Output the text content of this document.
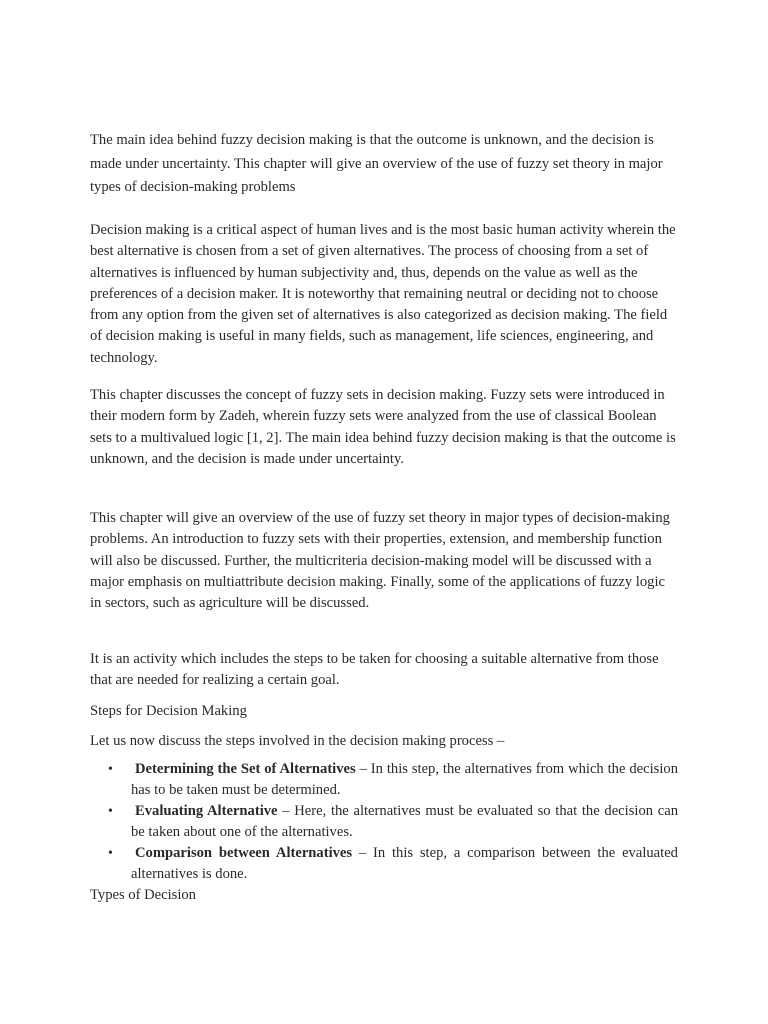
The main idea behind fuzzy decision making is that the outcome is unknown, and the decision is made under uncertainty. This chapter will give an overview of the use of fuzzy set theory in major types of decision-making problems

Decision making is a critical aspect of human lives and is the most basic human activity wherein the best alternative is chosen from a set of given alternatives. The process of choosing from a set of alternatives is influenced by human subjectivity and, thus, depends on the value as well as the preferences of a decision maker. It is noteworthy that remaining neutral or deciding not to choose from any option from the given set of alternatives is also categorized as decision making. The field of decision making is useful in many fields, such as management, life sciences, engineering, and technology.

This chapter discusses the concept of fuzzy sets in decision making. Fuzzy sets were introduced in their modern form by Zadeh, wherein fuzzy sets were analyzed from the use of classical Boolean sets to a multivalued logic [1, 2]. The main idea behind fuzzy decision making is that the outcome is unknown, and the decision is made under uncertainty.

This chapter will give an overview of the use of fuzzy set theory in major types of decision-making problems. An introduction to fuzzy sets with their properties, extension, and membership function will also be discussed. Further, the multicriteria decision-making model will be discussed with a major emphasis on multiattribute decision making. Finally, some of the applications of fuzzy logic in sectors, such as agriculture will be discussed.

It is an activity which includes the steps to be taken for choosing a suitable alternative from those that are needed for realizing a certain goal.

Steps for Decision Making

Let us now discuss the steps involved in the decision making process –

• Determining the Set of Alternatives – In this step, the alternatives from which the decision has to be taken must be determined.
• Evaluating Alternative – Here, the alternatives must be evaluated so that the decision can be taken about one of the alternatives.
• Comparison between Alternatives – In this step, a comparison between the evaluated alternatives is done.

Types of Decision
